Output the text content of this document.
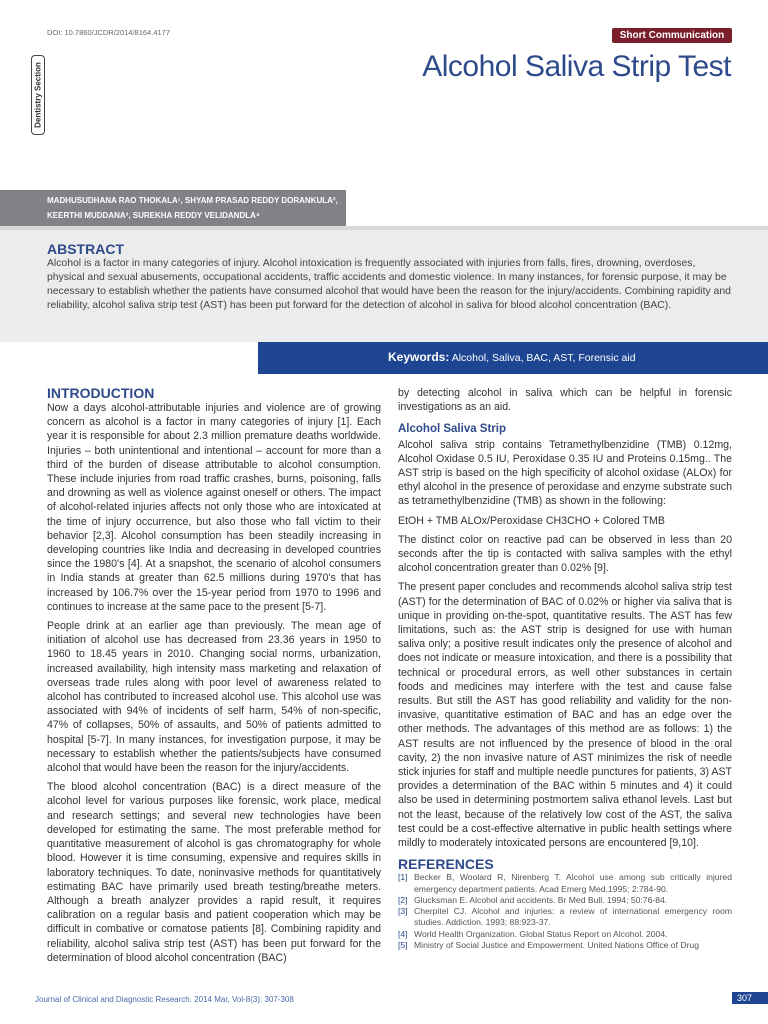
DOI: 10.7860/JCDR/2014/8164.4177	Short Communication
Alcohol Saliva Strip Test
Dentistry Section
MADHUSUDHANA RAO THOKALA¹, SHYAM PRASAD REDDY DORANKULA²,
KEERTHI MUDDANA³, SUREKHA REDDY VELIDANDLA⁴
ABSTRACT
Alcohol is a factor in many categories of injury. Alcohol intoxication is frequently associated with injuries from falls, fires, drowning, overdoses, physical and sexual abusements, occupational accidents, traffic accidents and domestic violence. In many instances, for forensic purpose, it may be necessary to establish whether the patients have consumed alcohol that would have been the reason for the injury/accidents. Combining rapidity and reliability, alcohol saliva strip test (AST) has been put forward for the detection of alcohol in saliva for blood alcohol concentration (BAC).
Keywords: Alcohol, Saliva, BAC, AST, Forensic aid
INTRODUCTION

Now a days alcohol-attributable injuries and violence are of growing concern as alcohol is a factor in many categories of injury [1]. Each year it is responsible for about 2.3 million premature deaths worldwide. Injuries – both unintentional and intentional – account for more than a third of the burden of disease attributable to alcohol consumption. These include injuries from road traffic crashes, burns, poisoning, falls and drowning as well as violence against oneself or others. The impact of alcohol-related injuries affects not only those who are intoxicated at the time of injury occurrence, but also those who fall victim to their behavior [2,3]. Alcohol consumption has been steadily increasing in developing countries like India and decreasing in developed countries since the 1980's [4]. At a snapshot, the scenario of alcohol consumers in India stands at greater than 62.5 millions during 1970's that has increased by 106.7% over the 15-year period from 1970 to 1996 and continues to increase at the same pace to the present [5-7].

People drink at an earlier age than previously. The mean age of initiation of alcohol use has decreased from 23.36 years in 1950 to 1960 to 18.45 years in 2010. Changing social norms, urbanization, increased availability, high intensity mass marketing and relaxation of overseas trade rules along with poor level of awareness related to alcohol has contributed to increased alcohol use. This alcohol use was associated with 94% of incidents of self harm, 54% of non-specific, 47% of collapses, 50% of assaults, and 50% of patients admitted to hospital [5-7]. In many instances, for investigation purpose, it may be necessary to establish whether the patients/subjects have consumed alcohol that would have been the reason for the injury/accidents.

The blood alcohol concentration (BAC) is a direct measure of the alcohol level for various purposes like forensic, work place, medical and research settings; and several new technologies have been developed for estimating the same. The most preferable method for quantitative measurement of alcohol is gas chromatography for whole blood. However it is time consuming, expensive and requires skills in laboratory techniques. To date, noninvasive methods for quantitatively estimating BAC have primarily used breath testing/breathe meters. Although a breath analyzer provides a rapid result, it requires calibration on a regular basis and patient cooperation which may be difficult in combative or comatose patients [8]. Combining rapidity and reliability, alcohol saliva strip test (AST) has been put forward for the determination of blood alcohol concentration (BAC)

by detecting alcohol in saliva which can be helpful in forensic investigations as an aid.

Alcohol Saliva Strip

Alcohol saliva strip contains Tetramethylbenzidine (TMB) 0.12mg, Alcohol Oxidase 0.5 IU, Peroxidase 0.35 IU and Proteins 0.15mg.. The AST strip is based on the high specificity of alcohol oxidase (ALOx) for ethyl alcohol in the presence of peroxidase and enzyme substrate such as tetramethylbenzidine (TMB) as shown in the following:

EtOH + TMB ALOx/Peroxidase CH3CHO + Colored TMB

The distinct color on reactive pad can be observed in less than 20 seconds after the tip is contacted with saliva samples with the ethyl alcohol concentration greater than 0.02% [9].

The present paper concludes and recommends alcohol saliva strip test (AST) for the determination of BAC of 0.02% or higher via saliva that is unique in providing on-the-spot, quantitative results. The AST has few limitations, such as: the AST strip is designed for use with human saliva only; a positive result indicates only the presence of alcohol and does not indicate or measure intoxication, and there is a possibility that technical or procedural errors, as well other substances in certain foods and medicines may interfere with the test and cause false results. But still the AST has good reliability and validity for the non-invasive, quantitative estimation of BAC and has an edge over the other methods. The advantages of this method are as follows: 1) the AST results are not influenced by the presence of blood in the oral cavity, 2) the non invasive nature of AST minimizes the risk of needle stick injuries for staff and multiple needle punctures for patients, 3) AST provides a determination of the BAC within 5 minutes and 4) it could also be used in determining postmortem saliva ethanol levels. Last but not the least, because of the relatively low cost of the AST, the saliva test could be a cost-effective alternative in public health settings where mildly to moderately intoxicated persons are encountered [9,10].

REFERENCES
[1] Becker B, Woolard R, Nirenberg T. Alcohol use among sub critically injured emergency department patients. Acad Emerg Med.1995; 2:784-90.
[2] Glucksman E. Alcohol and accidents. Br Med Bull. 1994; 50:76-84.
[3] Cherpitel CJ. Alcohol and injuries: a review of international emergency room studies. Addiction. 1993; 88:923-37.
[4] World Health Organization. Global Status Report on Alcohol. 2004.
[5] Ministry of Social Justice and Empowerment. United Nations Office of Drug
Journal of Clinical and Diagnostic Research. 2014 Mar, Vol-8(3): 307-308	307
